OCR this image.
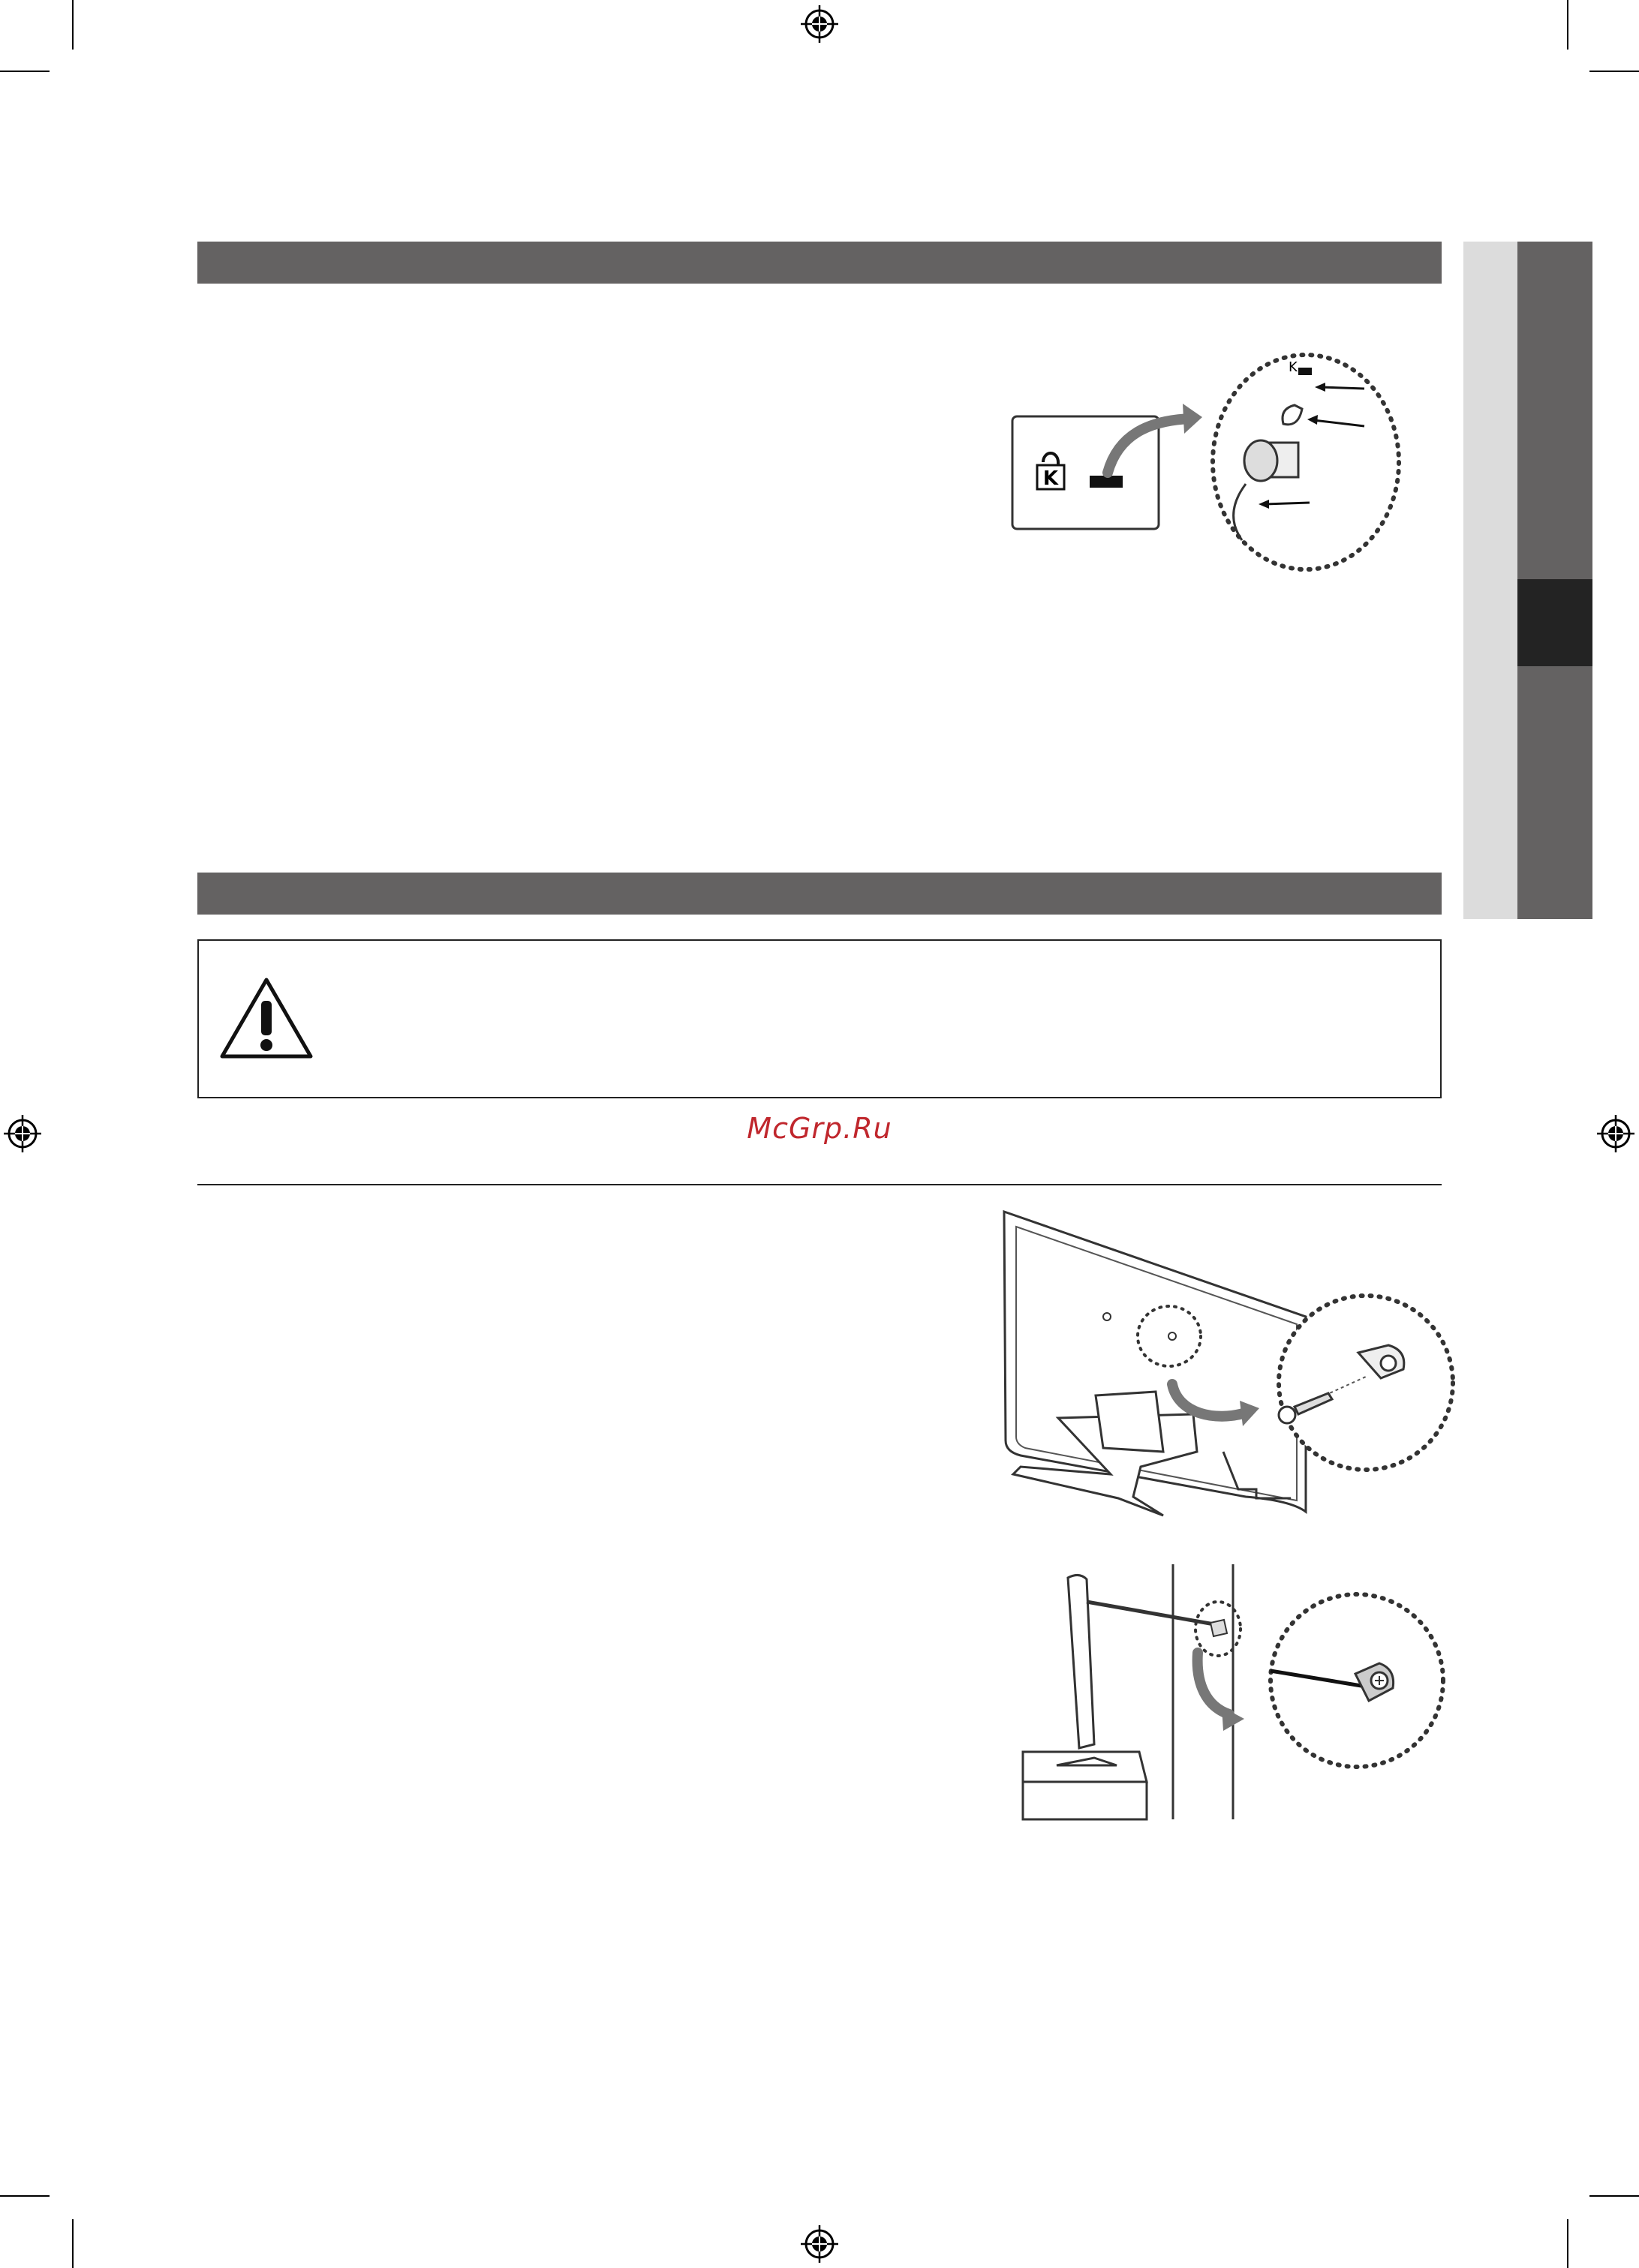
K
K
McGrp.Ru
